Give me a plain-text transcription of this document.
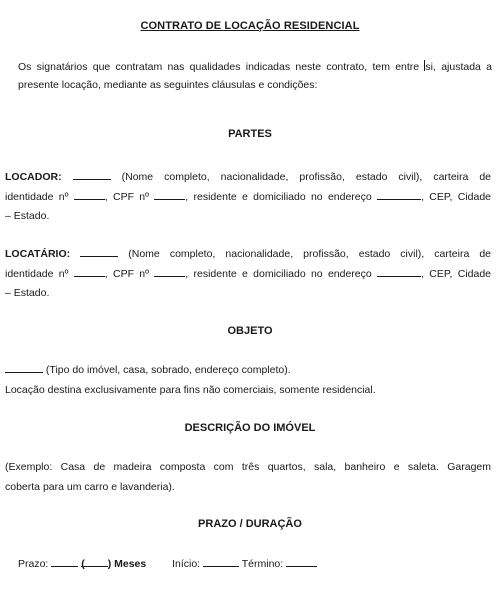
CONTRATO DE LOCAÇÃO RESIDENCIAL
Os signatários que contratam nas qualidades indicadas neste contrato, tem entre si, ajustada a
presente locação, mediante as seguintes cláusulas e condições:
PARTES
LOCADOR:	(Nome completo, nacionalidade, profissão, estado civil), carteira de
identidade nº	, CPF nº	, residente e domiciliado no endereço	, CEP, Cidade
– Estado.
LOCATÁRIO:	(Nome completo, nacionalidade, profissão, estado civil), carteira de
identidade nº	, CPF nº	, residente e domiciliado no endereço	, CEP, Cidade
– Estado.
OBJETO
(Tipo do imóvel, casa, sobrado, endereço completo).
Locação destina exclusivamente para fins não comerciais, somente residencial.
DESCRIÇÃO DO IMÓVEL
(Exemplo: Casa de madeira composta com três quartos, sala, banheiro e saleta. Garagem
coberta para um carro e lavanderia).
PRAZO / DURAÇÃO
Prazo:	( ) Meses Início:	Término:
